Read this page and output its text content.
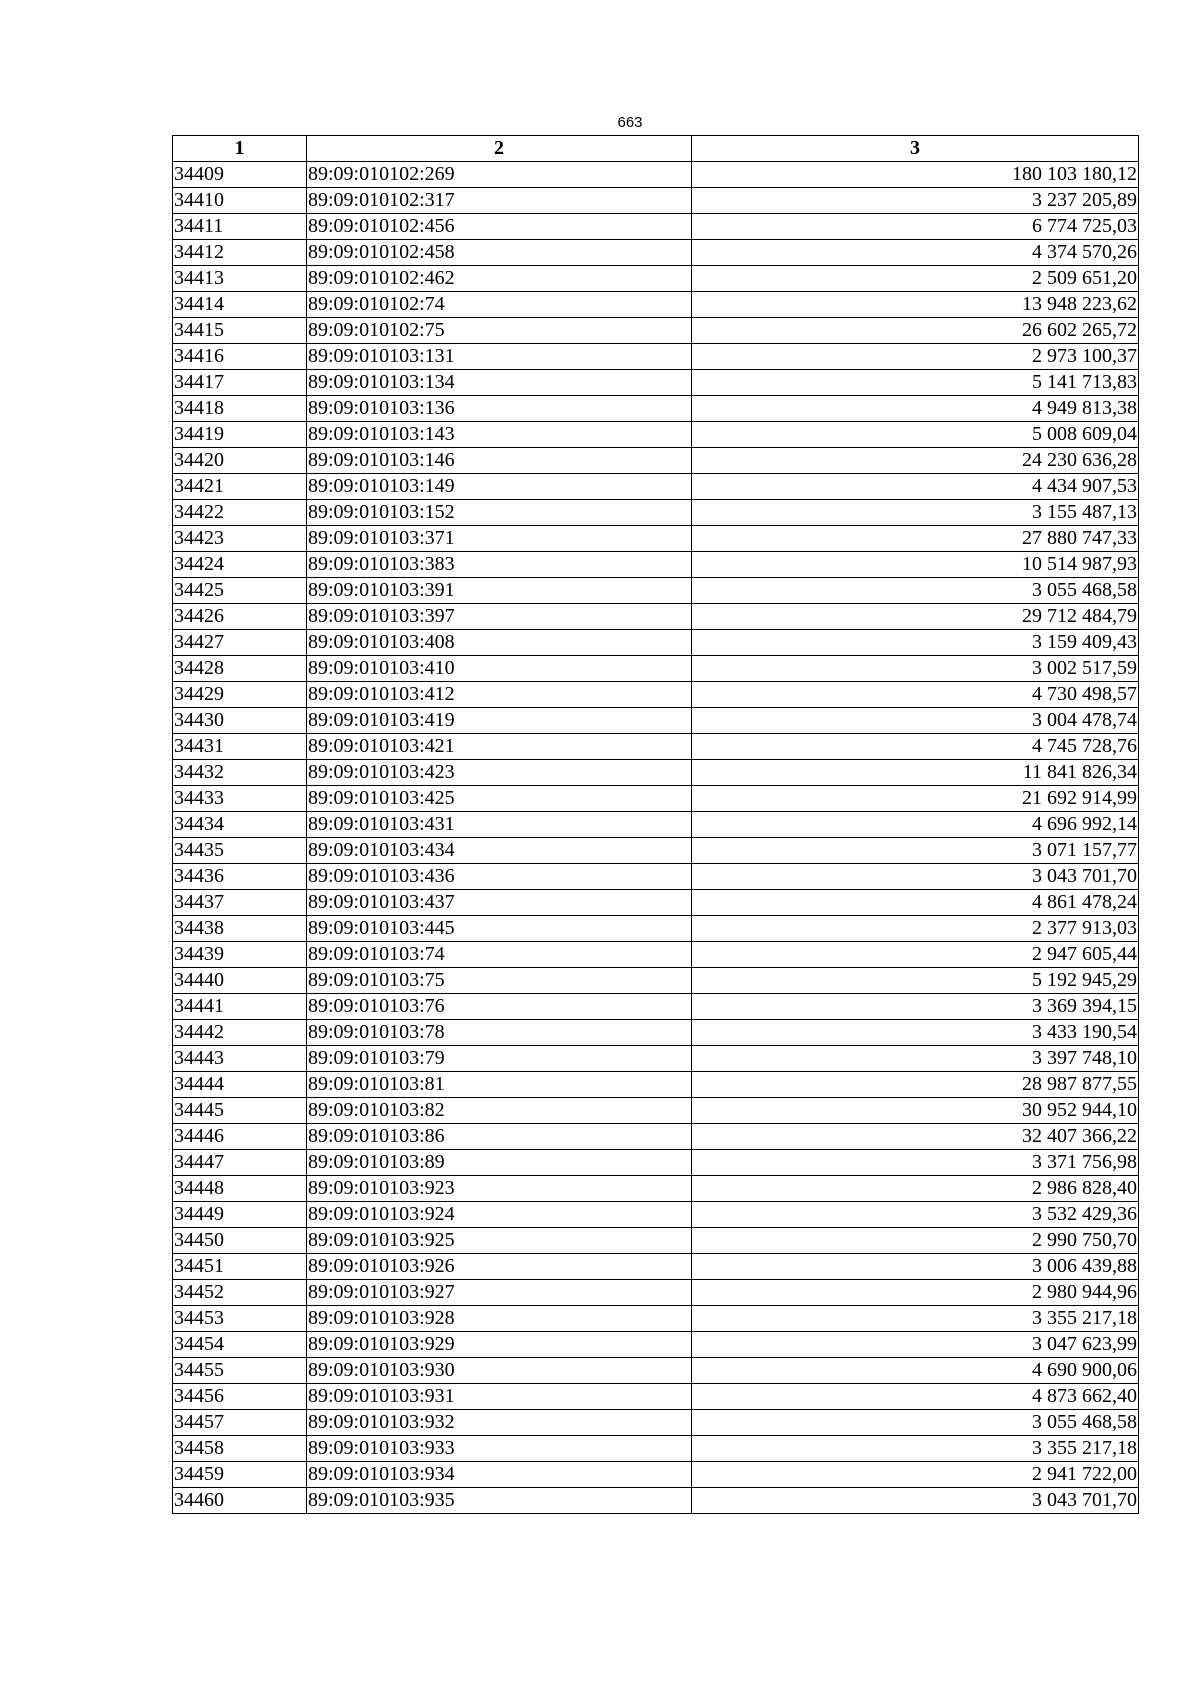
663
1	2	3
34409	89:09:010102:269	180 103 180,12
34410	89:09:010102:317	3 237 205,89
34411	89:09:010102:456	6 774 725,03
34412	89:09:010102:458	4 374 570,26
34413	89:09:010102:462	2 509 651,20
34414	89:09:010102:74	13 948 223,62
34415	89:09:010102:75	26 602 265,72
34416	89:09:010103:131	2 973 100,37
34417	89:09:010103:134	5 141 713,83
34418	89:09:010103:136	4 949 813,38
34419	89:09:010103:143	5 008 609,04
34420	89:09:010103:146	24 230 636,28
34421	89:09:010103:149	4 434 907,53
34422	89:09:010103:152	3 155 487,13
34423	89:09:010103:371	27 880 747,33
34424	89:09:010103:383	10 514 987,93
34425	89:09:010103:391	3 055 468,58
34426	89:09:010103:397	29 712 484,79
34427	89:09:010103:408	3 159 409,43
34428	89:09:010103:410	3 002 517,59
34429	89:09:010103:412	4 730 498,57
34430	89:09:010103:419	3 004 478,74
34431	89:09:010103:421	4 745 728,76
34432	89:09:010103:423	11 841 826,34
34433	89:09:010103:425	21 692 914,99
34434	89:09:010103:431	4 696 992,14
34435	89:09:010103:434	3 071 157,77
34436	89:09:010103:436	3 043 701,70
34437	89:09:010103:437	4 861 478,24
34438	89:09:010103:445	2 377 913,03
34439	89:09:010103:74	2 947 605,44
34440	89:09:010103:75	5 192 945,29
34441	89:09:010103:76	3 369 394,15
34442	89:09:010103:78	3 433 190,54
34443	89:09:010103:79	3 397 748,10
34444	89:09:010103:81	28 987 877,55
34445	89:09:010103:82	30 952 944,10
34446	89:09:010103:86	32 407 366,22
34447	89:09:010103:89	3 371 756,98
34448	89:09:010103:923	2 986 828,40
34449	89:09:010103:924	3 532 429,36
34450	89:09:010103:925	2 990 750,70
34451	89:09:010103:926	3 006 439,88
34452	89:09:010103:927	2 980 944,96
34453	89:09:010103:928	3 355 217,18
34454	89:09:010103:929	3 047 623,99
34455	89:09:010103:930	4 690 900,06
34456	89:09:010103:931	4 873 662,40
34457	89:09:010103:932	3 055 468,58
34458	89:09:010103:933	3 355 217,18
34459	89:09:010103:934	2 941 722,00
34460	89:09:010103:935	3 043 701,70
